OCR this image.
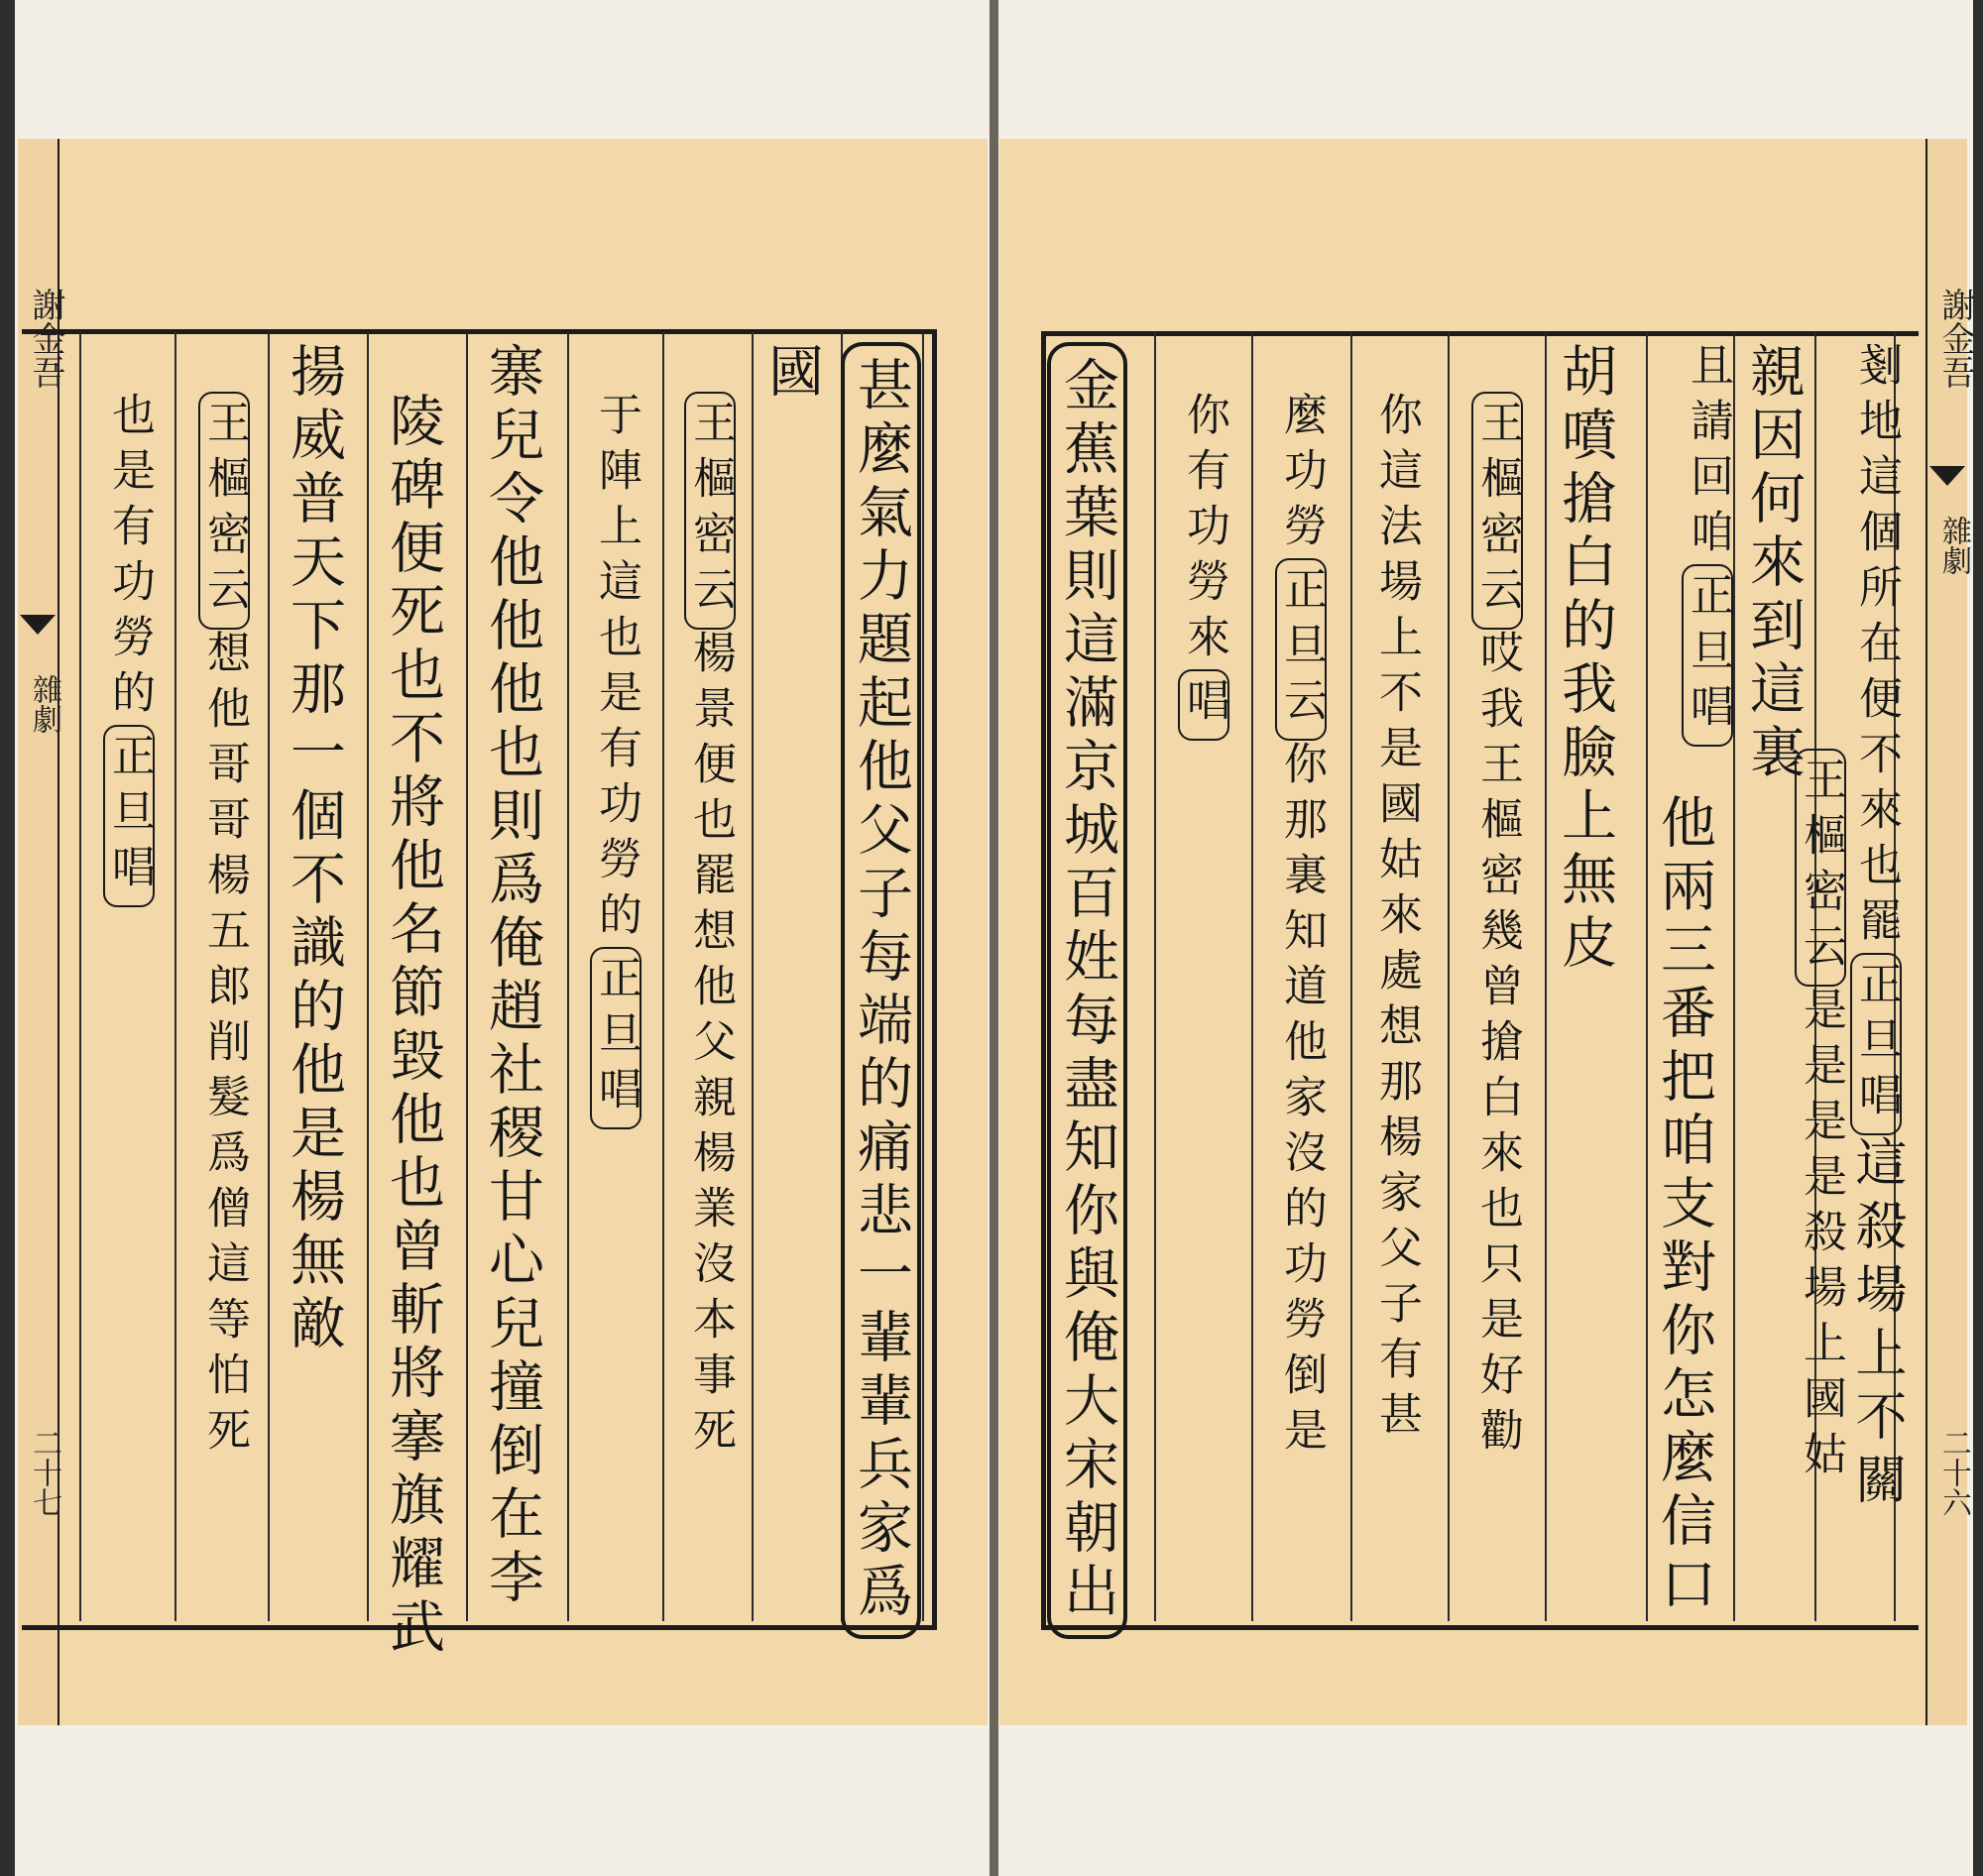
謝金吾
雜劇
二十七
謝金吾
雜劇
二十六
甚麼氣力題起他父子每端的痛悲一輩輩兵家爲
國
王樞密云楊景便也罷想他父親楊業沒本事死
于陣上這也是有功勞的正旦唱
寨兒令他他他也則爲俺趙社稷甘心兒撞倒在李
陵碑便死也不將他名節毀他也曾斬將搴旗耀武
揚威普天下那一個不識的他是楊無敵
王樞密云想他哥哥楊五郎削髮爲僧這等怕死
也是有功勞的正旦唱	剗地這個所在便不來也罷正旦唱這殺場上不關
且請回咱正旦唱 親因何來到這裏
王樞密云是是是是殺場上國姑
他兩三番把咱支對你怎麼信口
胡噴搶白的我臉上無皮
王樞密云哎我王樞密幾曾搶白來也只是好勸
你這法場上不是國姑來處想那楊家父子有甚
麼功勞正旦云你那裏知道他家沒的功勞倒是
你有功勞來唱
金蕉葉則這滿京城百姓每盡知你與俺大宋朝出
